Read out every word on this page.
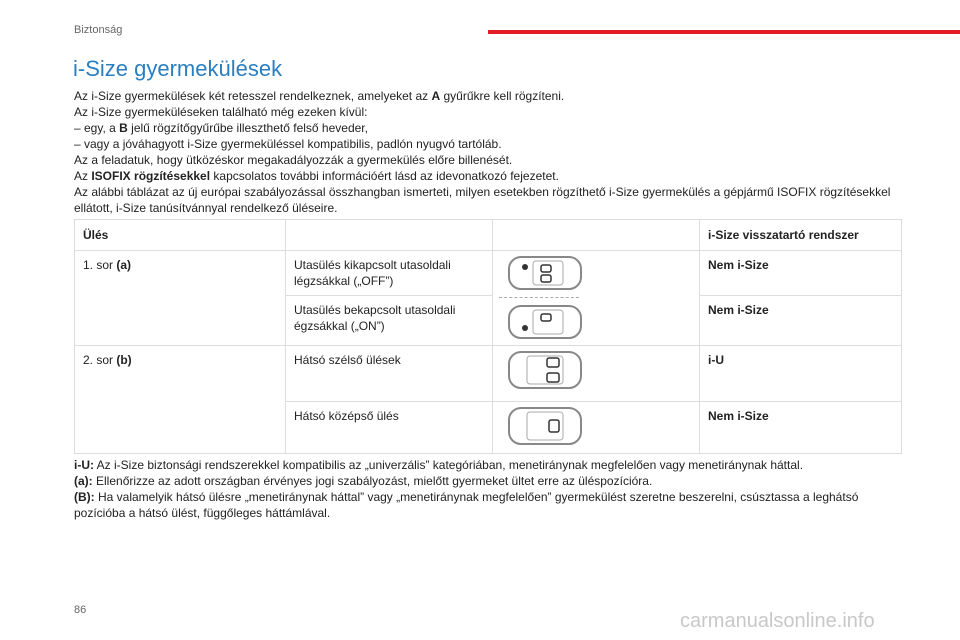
Biztonság
i-Size gyermekülések

Az i-Size gyermekülések két retesszel rendelkeznek, amelyeket az A gyűrűkre kell rögzíteni.

Az i-Size gyermeküléseken található még ezeken kívül:

– egy, a B jelű rögzítőgyűrűbe illeszthető felső heveder,

– vagy a jóváhagyott i-Size gyermeküléssel kompatibilis, padlón nyugvó tartóláb.

Az a feladatuk, hogy ütközéskor megakadályozzák a gyermekülés előre billenését.

Az ISOFIX rögzítésekkel kapcsolatos további információért lásd az idevonatkozó fejezetet.

Az alábbi táblázat az új európai szabályozással összhangban ismerteti, milyen esetekben rögzíthető i-Size gyermekülés a gépjármű ISOFIX rögzítésekkel ellátott, i-Size tanúsítvánnyal rendelkező üléseire.

Ülés			i-Size visszatartó rendszer
1. sor (a)	Utasülés kikapcsolt utasoldali légzsákkal („OFF”)		Nem i-Size
	Utasülés bekapcsolt utasoldali égzsákkal („ON”)		Nem i-Size
2. sor (b)	Hátsó szélső ülések		i-U
	Hátsó középső ülés		Nem i-Size

i-U: Az i-Size biztonsági rendszerekkel kompatibilis az „univerzális” kategóriában, menetiránynak megfelelően vagy menetiránynak háttal.

(a): Ellenőrizze az adott országban érvényes jogi szabályozást, mielőtt gyermeket ültet erre az üléspozícióra.

(B): Ha valamelyik hátsó ülésre „menetiránynak háttal” vagy „menetiránynak megfelelően” gyermekülést szeretne beszerelni, csúsztassa a leghátsó pozícióba a hátsó ülést, függőleges háttámlával.

86	carmanualsonline.info
